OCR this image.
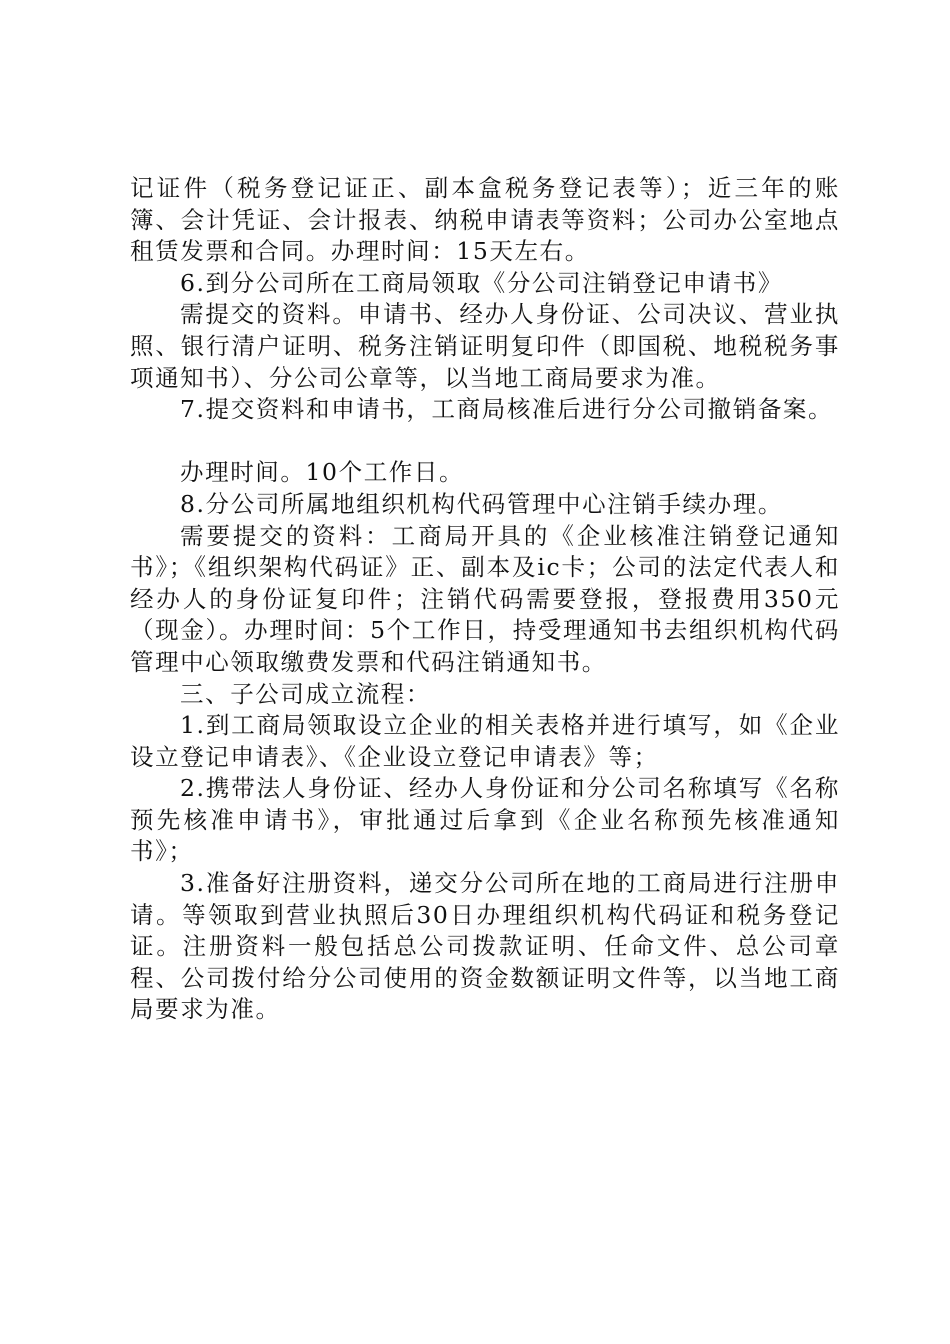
记证件（税务登记证正、副本盒税务登记表等）；近三年的账簿、会计凭证、会计报表、纳税申请表等资料；公司办公室地点租赁发票和合同。办理时间：15天左右。

6.到分公司所在工商局领取《分公司注销登记申请书》

需提交的资料。申请书、经办人身份证、公司决议、营业执照、银行清户证明、税务注销证明复印件（即国税、地税税务事项通知书）、分公司公章等，以当地工商局要求为准。

7.提交资料和申请书，工商局核准后进行分公司撤销备案。

办理时间。10个工作日。

8.分公司所属地组织机构代码管理中心注销手续办理。

需要提交的资料：工商局开具的《企业核准注销登记通知书》；《组织架构代码证》正、副本及ic卡；公司的法定代表人和经办人的身份证复印件；注销代码需要登报，登报费用350元（现金）。办理时间：5个工作日，持受理通知书去组织机构代码管理中心领取缴费发票和代码注销通知书。

三、子公司成立流程：

1.到工商局领取设立企业的相关表格并进行填写，如《企业设立登记申请表》、《企业设立登记申请表》等；

2.携带法人身份证、经办人身份证和分公司名称填写《名称预先核准申请书》，审批通过后拿到《企业名称预先核准通知书》；

3.准备好注册资料，递交分公司所在地的工商局进行注册申请。等领取到营业执照后30日办理组织机构代码证和税务登记证。注册资料一般包括总公司拨款证明、任命文件、总公司章程、公司拨付给分公司使用的资金数额证明文件等，以当地工商局要求为准。
